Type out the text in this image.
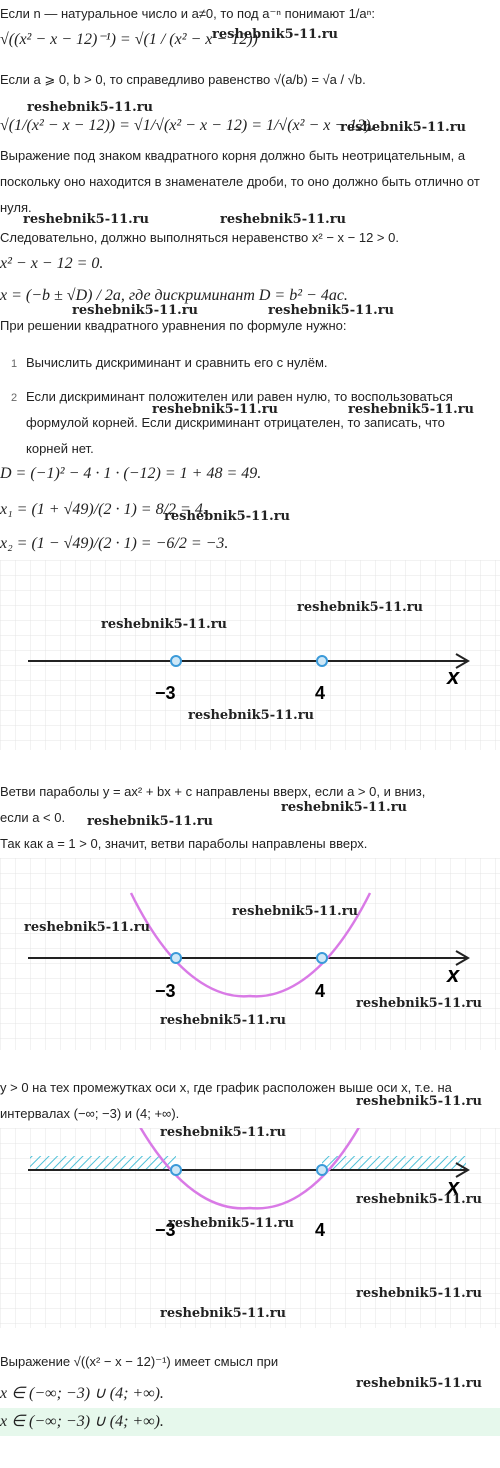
Если n — натуральное число и a≠0, то под a⁻ⁿ понимают 1/aⁿ:
√((x² − x − 12)⁻¹) = √(1 / (x² − x − 12))
Если a ⩾ 0, b > 0, то справедливо равенство √(a/b) = √a / √b.
√(1/(x² − x − 12)) = √1/√(x² − x − 12) = 1/√(x² − x − 12).
Выражение под знаком квадратного корня должно быть неотрицательным, а поскольку оно находится в знаменателе дроби, то оно должно быть отлично от нуля.
Следовательно, должно выполняться неравенство x² − x − 12 > 0.
x² − x − 12 = 0.
x = (−b ± √D) / 2a, где дискриминант D = b² − 4ac.
При решении квадратного уравнения по формуле нужно:
1 Вычислить дискриминант и сравнить его с нулём.
2 Если дискриминант положителен или равен нулю, то воспользоваться формулой корней. Если дискриминант отрицателен, то записать, что корней нет.
D = (−1)² − 4 · 1 · (−12) = 1 + 48 = 49.
x₁ = (1 + √49)/(2 · 1) = 8/2 = 4.
x₂ = (1 − √49)/(2 · 1) = −6/2 = −3.
−3	4
x
Ветви параболы y = ax² + bx + c направлены вверх, если a > 0, и вниз,
если a < 0.
Так как a = 1 > 0, значит, ветви параболы направлены вверх.
−3	4
x
y > 0 на тех промежутках оси x, где график расположен выше оси x, т.е. на
интервалах (−∞; −3) и (4; +∞).
−3	4
x
Выражение √((x² − x − 12)⁻¹) имеет смысл при
x ∈ (−∞; −3) ∪ (4; +∞).
x ∈ (−∞; −3) ∪ (4; +∞).
reshebnik5-11.ru
reshebnik5-11.ru
reshebnik5-11.ru
reshebnik5-11.ru	reshebnik5-11.ru
reshebnik5-11.ru	reshebnik5-11.ru
reshebnik5-11.ru	reshebnik5-11.ru
reshebnik5-11.ru
reshebnik5-11.ru
reshebnik5-11.ru
reshebnik5-11.ru
reshebnik5-11.ru
reshebnik5-11.ru
reshebnik5-11.ru
reshebnik5-11.ru
reshebnik5-11.ru
reshebnik5-11.ru
reshebnik5-11.ru
reshebnik5-11.ru
reshebnik5-11.ru
reshebnik5-11.ru
reshebnik5-11.ru
reshebnik5-11.ru
reshebnik5-11.ru
